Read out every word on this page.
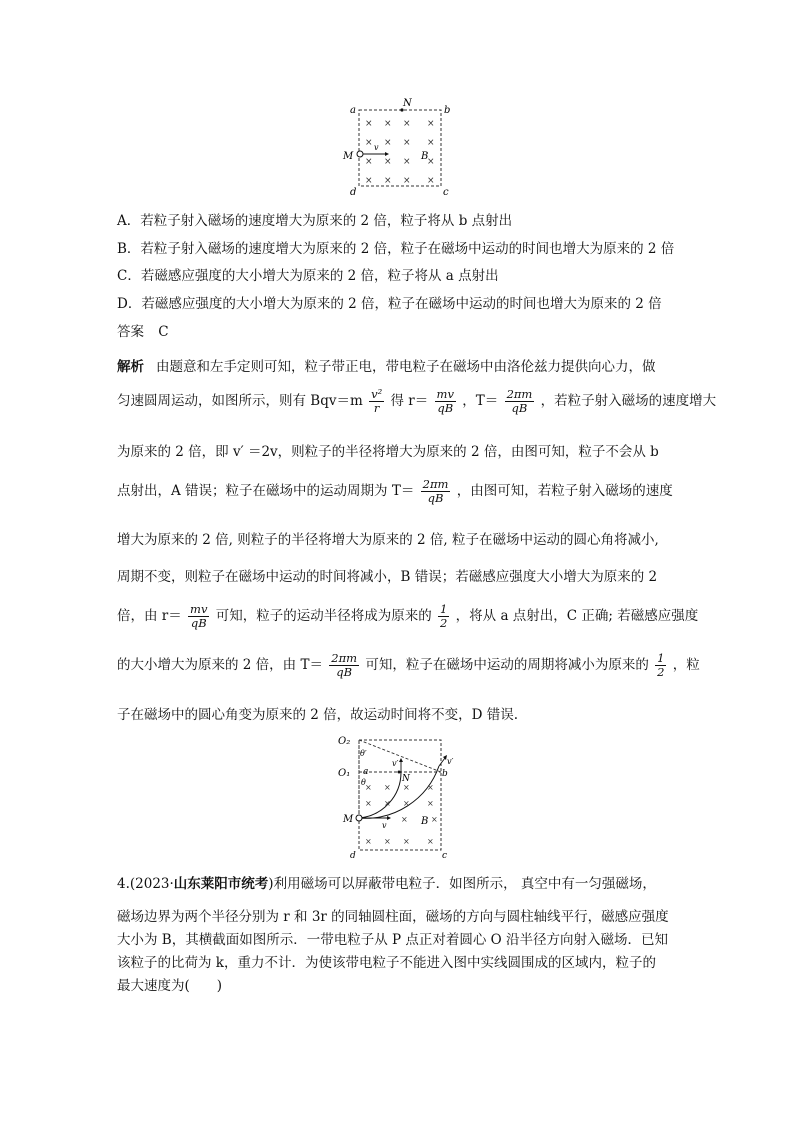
a	b
c
d
N
M
v
B
× × × ×
× × × ×
× × × ×
× × × ×
A．若粒子射入磁场的速度增大为原来的 2 倍，粒子将从 b 点射出
B．若粒子射入磁场的速度增大为原来的 2 倍，粒子在磁场中运动的时间也增大为原来的 2 倍
C．若磁感应强度的大小增大为原来的 2 倍，粒子将从 a 点射出
D．若磁感应强度的大小增大为原来的 2 倍，粒子在磁场中运动的时间也增大为原来的 2 倍
答案 C
解析 由题意和左手定则可知，粒子带正电，带电粒子在磁场中由洛伦兹力提供向心力，做
匀速圆周运动，如图所示，则有 $Bqv=m \frac{\text{v²}}{r}$ 得 $r= \frac{mv}{qB}$ ，$T= \frac{2\pi m}{qB}$ ，若粒子射入磁场的速度增大
为原来的 2 倍，即 v′ ＝2v，则粒子的半径将增大为原来的 2 倍，由图可知，粒子不会从 b
点射出，A 错误；粒子在磁场中的运动周期为 $T= \frac{2\pi m}{qB}$ ，由图可知，若粒子射入磁场的速度
增大为原来的 2 倍, 则粒子的半径将增大为原来的 2 倍, 粒子在磁场中运动的圆心角将减小,
周期不变，则粒子在磁场中运动的时间将减小，B 错误；若磁感应强度大小增大为原来的 2
倍，由 $r= \frac{mv}{qB}$ 可知，粒子的运动半径将成为原来的 $\frac{1}{2}$ ，将从 a 点射出，C 正确; 若磁感应强度
的大小增大为原来的 2 倍，由 $T= \frac{2\pi m}{qB}$ 可知，粒子在磁场中运动的周期将减小为原来的 $\frac{1}{2}$ ，粒
子在磁场中的圆心角变为原来的 2 倍，故运动时间将不变，D 错误.
O₂
O₁
θ′
θ
a	b
c
d
N
M
v′	v′
v	B
× × × ×
× × × ×
×	×
× × × ×
4.(2023·山东莱阳市统考)利用磁场可以屏蔽带电粒子．如图所示， 真空中有一匀强磁场，
磁场边界为两个半径分别为 r 和 3r 的同轴圆柱面，磁场的方向与圆柱轴线平行，磁感应强度
大小为 B，其横截面如图所示．一带电粒子从 P 点正对着圆心 O 沿半径方向射入磁场．已知
该粒子的比荷为 k，重力不计．为使该带电粒子不能进入图中实线圆围成的区域内，粒子的
最大速度为(　　)
